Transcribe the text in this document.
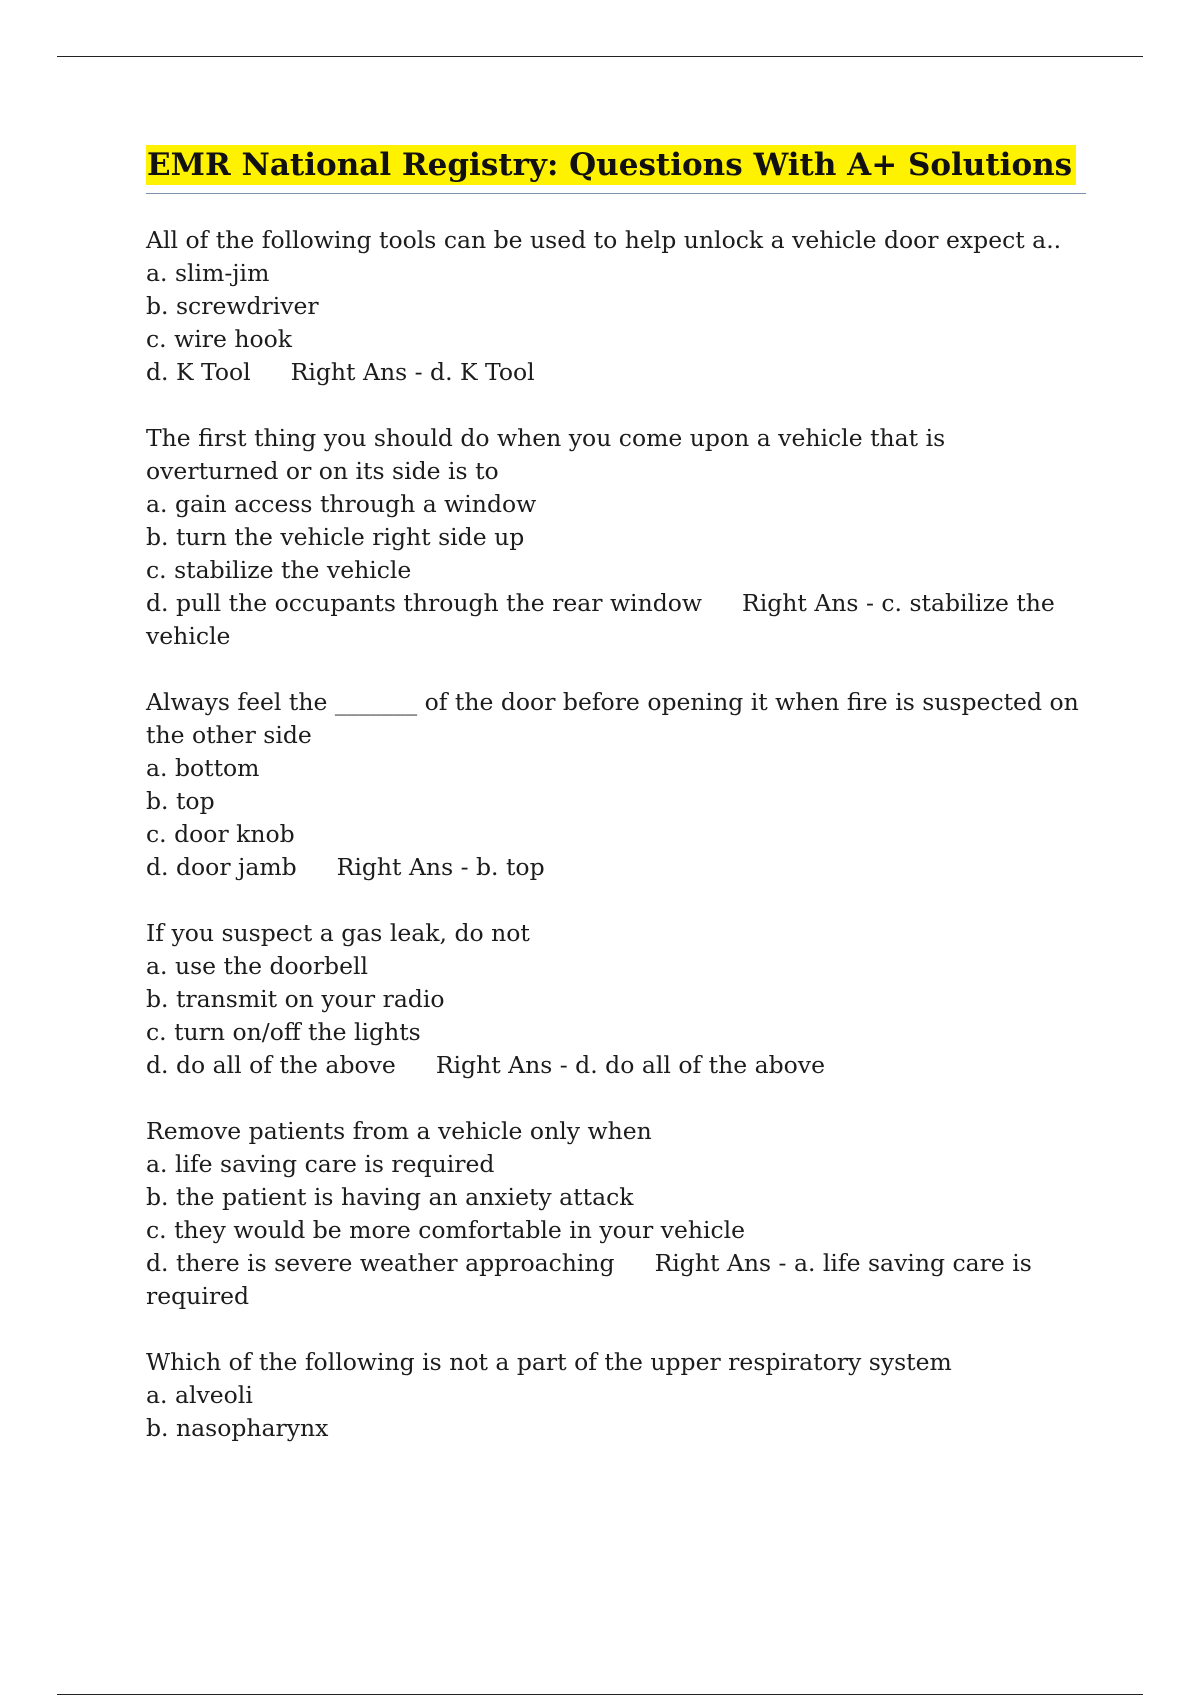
EMR National Registry: Questions With A+ Solutions
All of the following tools can be used to help unlock a vehicle door expect a..
a. slim-jim
b. screwdriver
c. wire hook
d. K Tool Right Ans - d. K Tool
The first thing you should do when you come upon a vehicle that is
overturned or on its side is to
a. gain access through a window
b. turn the vehicle right side up
c. stabilize the vehicle
d. pull the occupants through the rear window Right Ans - c. stabilize the
vehicle
Always feel the _______ of the door before opening it when fire is suspected on
the other side
a. bottom
b. top
c. door knob
d. door jamb Right Ans - b. top
If you suspect a gas leak, do not
a. use the doorbell
b. transmit on your radio
c. turn on/off the lights
d. do all of the above Right Ans - d. do all of the above
Remove patients from a vehicle only when
a. life saving care is required
b. the patient is having an anxiety attack
c. they would be more comfortable in your vehicle
d. there is severe weather approaching Right Ans - a. life saving care is
required
Which of the following is not a part of the upper respiratory system
a. alveoli
b. nasopharynx
